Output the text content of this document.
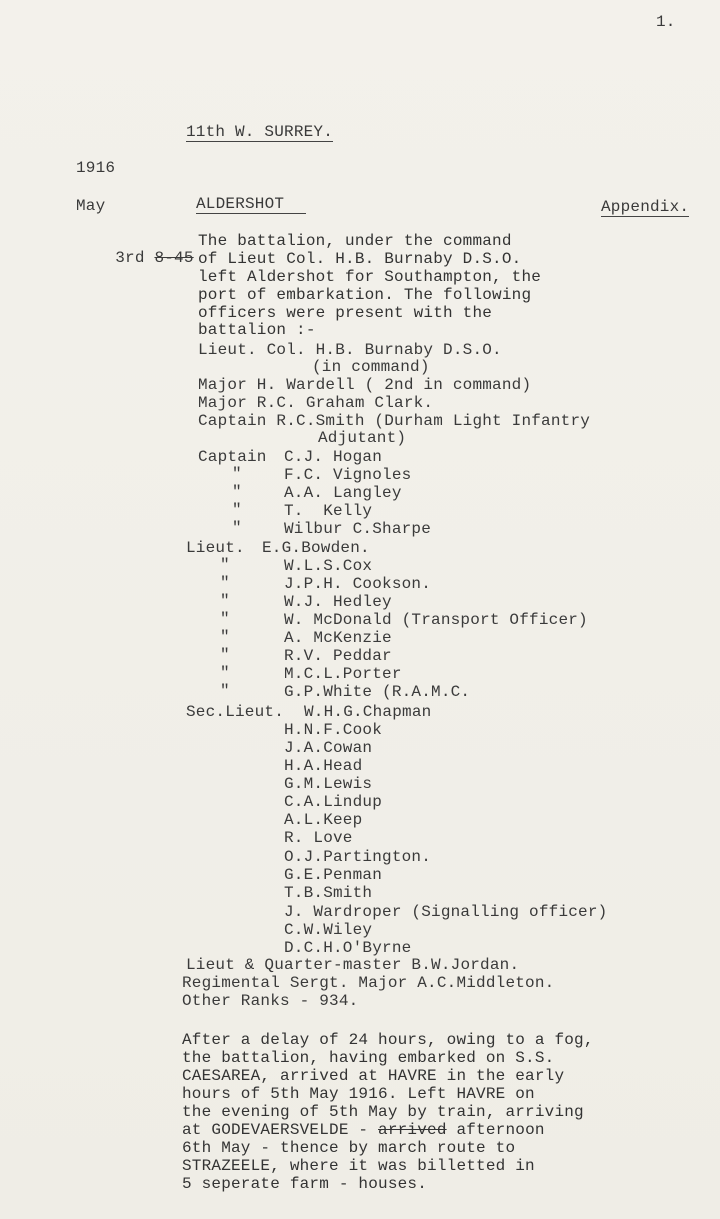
1.
11th W. SURREY.
1916
May	ALDERSHOT	Appendix.

3rd 8-45

The battalion, under the command
of Lieut Col. H.B. Burnaby D.S.O.
left Aldershot for Southampton, the
port of embarkation. The following
officers were present with the
battalion :-
Lieut. Col. H.B. Burnaby D.S.O.
(in command)
Major H. Wardell ( 2nd in command)
Major R.C. Graham Clark.
Captain R.C.Smith (Durham Light Infantry
Adjutant)
Captain C.J. Hogan
"	F.C. Vignoles
"	A.A. Langley
"	T.  Kelly
"	Wilbur C.Sharpe
Lieut. E.G.Bowden.
"	W.L.S.Cox
"	J.P.H. Cookson.
"	W.J. Hedley
"	W. McDonald (Transport Officer)
"	A. McKenzie
"	R.V. Peddar
"	M.C.L.Porter
"	G.P.White (R.A.M.C.
Sec.Lieut. W.H.G.Chapman
H.N.F.Cook
J.A.Cowan
H.A.Head
G.M.Lewis
C.A.Lindup
A.L.Keep
R. Love
O.J.Partington.
G.E.Penman
T.B.Smith
J. Wardroper (Signalling officer)
C.W.Wiley
D.C.H.O'Byrne
Lieut & Quarter-master B.W.Jordan.
Regimental Sergt. Major A.C.Middleton.
Other Ranks - 934.
After a delay of 24 hours, owing to a fog,
the battalion, having embarked on S.S.
CAESAREA, arrived at HAVRE in the early
hours of 5th May 1916. Left HAVRE on
the evening of 5th May by train, arriving
at GODEVAERSVELDE - arrived afternoon
6th May - thence by march route to
STRAZEELE, where it was billetted in
5 seperate farm - houses.
